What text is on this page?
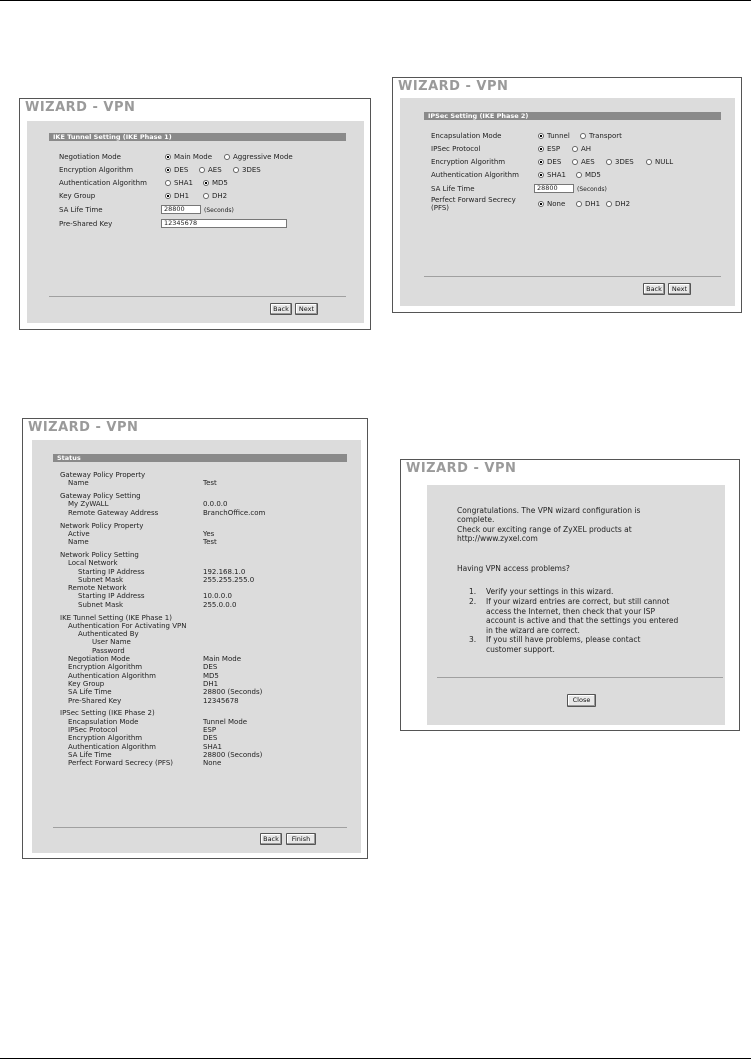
WIZARD - VPN
IKE Tunnel Setting (IKE Phase 1)
Negotiation Mode	Main Mode	Aggressive Mode
Encryption Algorithm	DES	AES	3DES
Authentication Algorithm	SHA1	MD5
Key Group	DH1	DH2
SA Life Time	28800	(Seconds)
Pre-Shared Key	12345678
Back	Next
WIZARD - VPN
IPSec Setting (IKE Phase 2)
Encapsulation Mode	Tunnel	Transport
IPSec Protocol	ESP	AH
Encryption Algorithm	DES	AES	3DES	NULL
Authentication Algorithm	SHA1	MD5
SA Life Time	28800	(Seconds)
Perfect Forward Secrecy
(PFS)	None	DH1	DH2
Back	Next
WIZARD - VPN
Status
Gateway Policy Property
Name	Test
Gateway Policy Setting
My ZyWALL	0.0.0.0
Remote Gateway Address	BranchOffice.com
Network Policy Property
Active	Yes
Name	Test
Network Policy Setting
Local Network
Starting IP Address	192.168.1.0
Subnet Mask	255.255.255.0
Remote Network
Starting IP Address	10.0.0.0
Subnet Mask	255.0.0.0
IKE Tunnel Setting (IKE Phase 1)
Authentication For Activating VPN
Authenticated By
User Name
Password
Negotiation Mode	Main Mode
Encryption Algorithm	DES
Authentication Algorithm	MD5
Key Group	DH1
SA Life Time	28800 (Seconds)
Pre-Shared Key	12345678
IPSec Setting (IKE Phase 2)
Encapsulation Mode	Tunnel Mode
IPSec Protocol	ESP
Encryption Algorithm	DES
Authentication Algorithm	SHA1
SA Life Time	28800 (Seconds)
Perfect Forward Secrecy (PFS)	None
Back	Finish
WIZARD - VPN
Congratulations. The VPN wizard configuration is
complete.
Check our exciting range of ZyXEL products at
http://www.zyxel.com
Having VPN access problems?
1. Verify your settings in this wizard.
2. If your wizard entries are correct, but still cannot
access the Internet, then check that your ISP
account is active and that the settings you entered
in the wizard are correct.
3. If you still have problems, please contact
customer support.
Close
